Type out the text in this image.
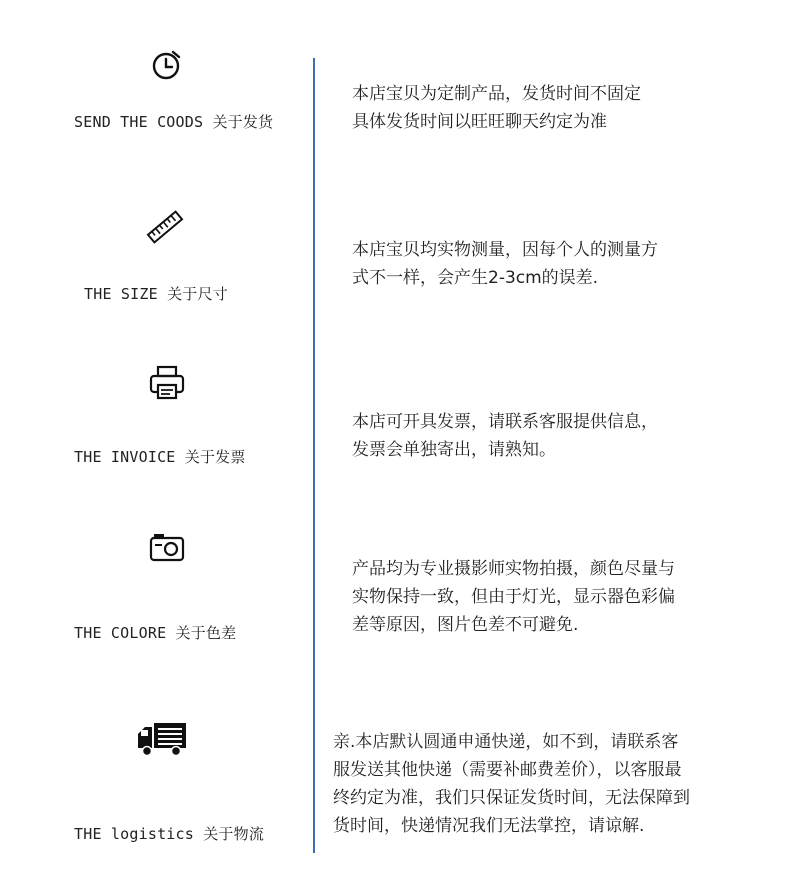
SEND THE COODS 关于发货

本店宝贝为定制产品，发货时间不固定

具体发货时间以旺旺聊天约定为准

THE SIZE 关于尺寸

本店宝贝均实物测量，因每个人的测量方

式不一样，会产生2-3cm的误差.

THE INVOICE 关于发票

本店可开具发票，请联系客服提供信息，

发票会单独寄出，请熟知。

THE COLORE 关于色差

产品均为专业摄影师实物拍摄，颜色尽量与

实物保持一致，但由于灯光，显示器色彩偏

差等原因，图片色差不可避免.

THE logistics 关于物流

亲.本店默认圆通申通快递，如不到，请联系客

服发送其他快递（需要补邮费差价），以客服最

终约定为准，我们只保证发货时间，无法保障到

货时间，快递情况我们无法掌控，请谅解.
